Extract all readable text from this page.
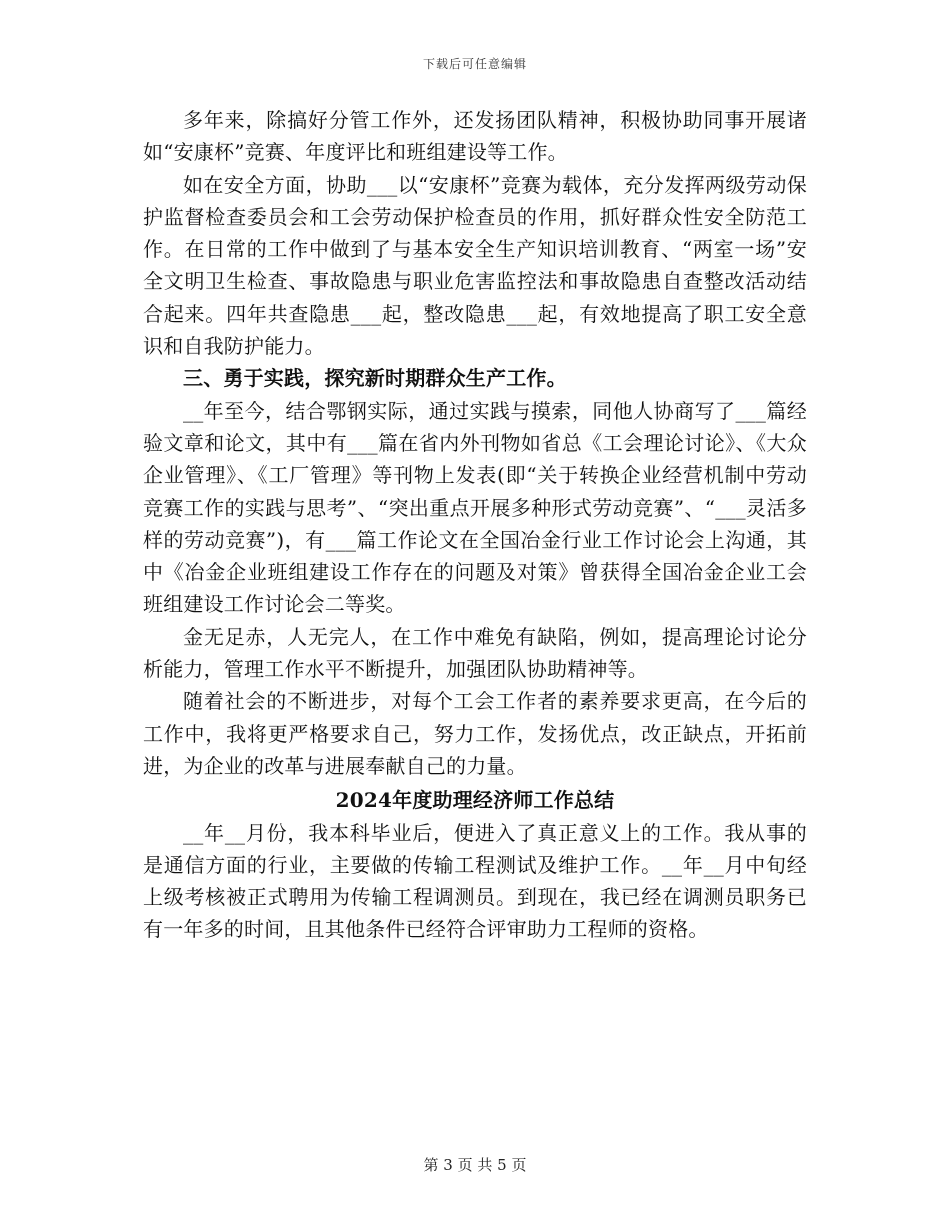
下载后可任意编辑

多年来，除搞好分管工作外，还发扬团队精神，积极协助同事开展诸如“安康杯”竞赛、年度评比和班组建设等工作。

如在安全方面，协助___以“安康杯”竞赛为载体，充分发挥两级劳动保护监督检查委员会和工会劳动保护检查员的作用，抓好群众性安全防范工作。在日常的工作中做到了与基本安全生产知识培训教育、“两室一场”安全文明卫生检查、事故隐患与职业危害监控法和事故隐患自查整改活动结合起来。四年共查隐患___起，整改隐患___起，有效地提高了职工安全意识和自我防护能力。

三、勇于实践，探究新时期群众生产工作。

__年至今，结合鄂钢实际，通过实践与摸索，同他人协商写了___篇经验文章和论文，其中有___篇在省内外刊物如省总《工会理论讨论》、《大众企业管理》、《工厂管理》等刊物上发表(即“关于转换企业经营机制中劳动竞赛工作的实践与思考”、“突出重点开展多种形式劳动竞赛”、“___灵活多样的劳动竞赛”)，有___篇工作论文在全国冶金行业工作讨论会上沟通，其中《冶金企业班组建设工作存在的问题及对策》曾获得全国冶金企业工会班组建设工作讨论会二等奖。

金无足赤，人无完人，在工作中难免有缺陷，例如，提高理论讨论分析能力，管理工作水平不断提升，加强团队协助精神等。

随着社会的不断进步，对每个工会工作者的素养要求更高，在今后的工作中，我将更严格要求自己，努力工作，发扬优点，改正缺点，开拓前进，为企业的改革与进展奉献自己的力量。

2024年度助理经济师工作总结

__年__月份，我本科毕业后，便进入了真正意义上的工作。我从事的是通信方面的行业，主要做的传输工程测试及维护工作。__年__月中旬经上级考核被正式聘用为传输工程调测员。到现在，我已经在调测员职务已有一年多的时间，且其他条件已经符合评审助力工程师的资格。

第 3 页 共 5 页
